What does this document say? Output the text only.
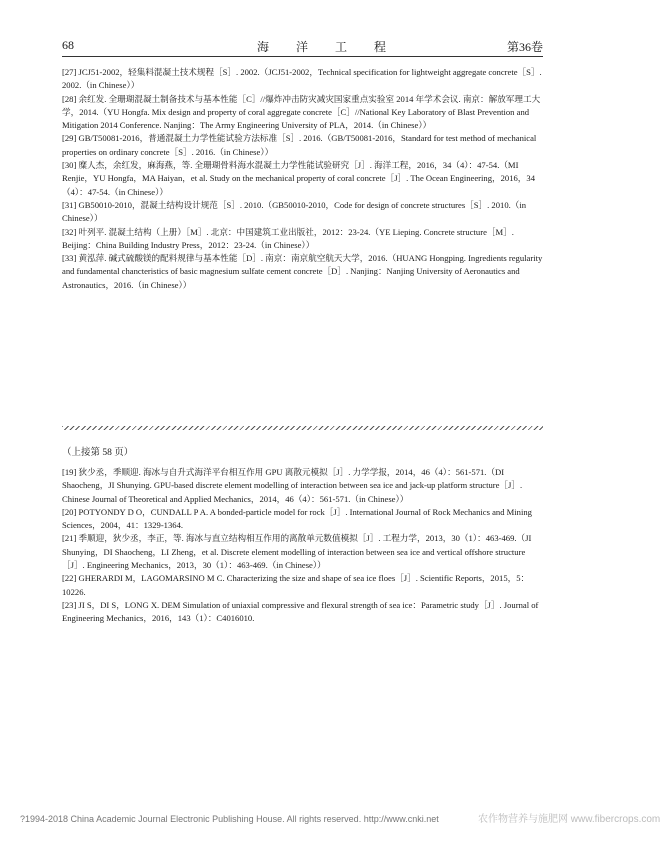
68	海 洋 工 程	第36卷

[27] JCJ51-2002，轻集料混凝土技术规程［S］. 2002.（JCJ51-2002，Technical specification for lightweight aggregate concrete［S］. 2002.（in Chinese））

[28] 余红发. 全珊瑚混凝土制备技术与基本性能［C］//爆炸冲击防灾减灾国家重点实验室 2014 年学术会议. 南京：解放军理工大学，2014.（YU Hongfa. Mix design and property of coral aggregate concrete［C］//National Key Laboratory of Blast Prevention and Mitigation 2014 Conference. Nanjing：The Army Engineering University of PLA，2014.（in Chinese））

[29] GB/T50081-2016，普通混凝土力学性能试验方法标准［S］. 2016.（GB/T50081-2016，Standard for test method of mechanical properties on ordinary concrete［S］. 2016.（in Chinese））

[30] 糜人杰，余红发，麻海燕，等. 全珊瑚骨料海水混凝土力学性能试验研究［J］. 海洋工程，2016，34（4）：47-54.（MI Renjie，YU Hongfa，MA Haiyan，et al. Study on the mechanical property of coral concrete［J］. The Ocean Engineering，2016，34（4）：47-54.（in Chinese））

[31] GB50010-2010，混凝土结构设计规范［S］. 2010.（GB50010-2010，Code for design of concrete structures［S］. 2010.（in Chinese））

[32] 叶列平. 混凝土结构（上册）［M］. 北京：中国建筑工业出版社，2012：23-24.（YE Lieping. Concrete structure［M］. Beijing：China Building Industry Press，2012：23-24.（in Chinese））

[33] 黄泓萍. 碱式硫酸镁的配料规律与基本性能［D］. 南京：南京航空航天大学，2016.（HUANG Hongping. Ingredients regularity and fundamental chancteristics of basic magnesium sulfate cement concrete［D］. Nanjing：Nanjing University of Aeronautics and Astronautics，2016.（in Chinese））

（上接第 58 页）

[19] 狄少丞，季顺迎. 海冰与自升式海洋平台相互作用 GPU 离散元模拟［J］. 力学学报，2014，46（4）：561-571.（DI Shaocheng，JI Shunying. GPU-based discrete element modelling of interaction between sea ice and jack-up platform structure［J］. Chinese Journal of Theoretical and Applied Mechanics，2014，46（4）：561-571.（in Chinese））

[20] POTYONDY D O，CUNDALL P A. A bonded-particle model for rock［J］. International Journal of Rock Mechanics and Mining Sciences，2004，41：1329-1364.

[21] 季顺迎，狄少丞，李正，等. 海冰与直立结构相互作用的离散单元数值模拟［J］. 工程力学，2013，30（1）：463-469.（JI Shunying，DI Shaocheng，LI Zheng，et al. Discrete element modelling of interaction between sea ice and vertical offshore structure［J］. Engineering Mechanics，2013，30（1）：463-469.（in Chinese））

[22] GHERARDI M，LAGOMARSINO M C. Characterizing the size and shape of sea ice floes［J］. Scientific Reports，2015，5：10226.

[23] JI S，DI S，LONG X. DEM Simulation of uniaxial compressive and flexural strength of sea ice：Parametric study［J］. Journal of Engineering Mechanics，2016，143（1）：C4016010.

?1994-2018 China Academic Journal Electronic Publishing House. All rights reserved. http://www.cnki.net	农作物营养与施肥网 www.fibercrops.com
